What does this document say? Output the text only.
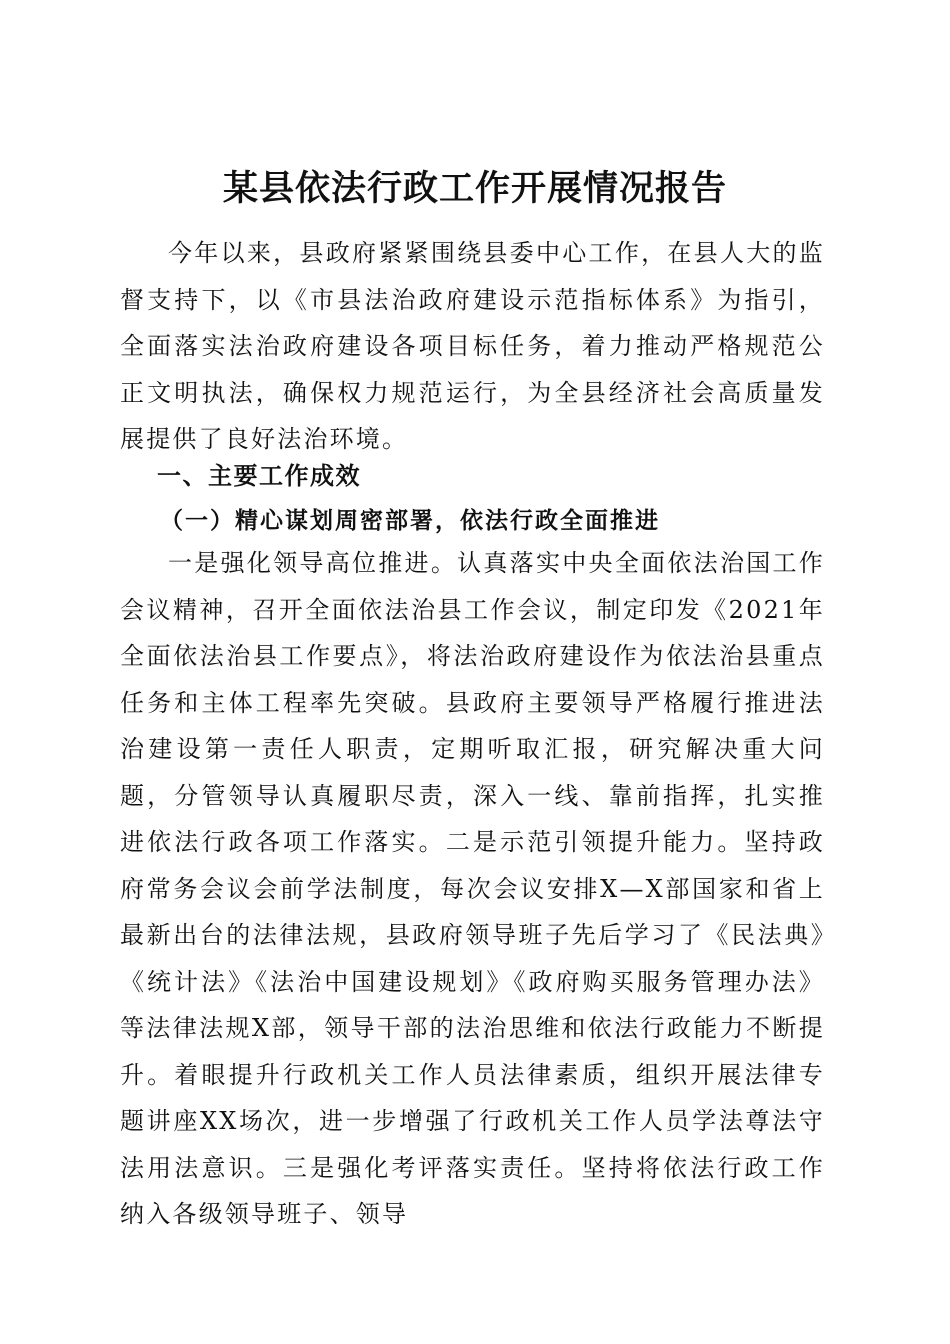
某县依法行政工作开展情况报告

今年以来，县政府紧紧围绕县委中心工作，在县人大的监督支持下，以《市县法治政府建设示范指标体系》为指引，全面落实法治政府建设各项目标任务，着力推动严格规范公正文明执法，确保权力规范运行，为全县经济社会高质量发展提供了良好法治环境。

一、主要工作成效
（一）精心谋划周密部署，依法行政全面推进

一是强化领导高位推进。认真落实中央全面依法治国工作会议精神，召开全面依法治县工作会议，制定印发《2021年全面依法治县工作要点》，将法治政府建设作为依法治县重点任务和主体工程率先突破。县政府主要领导严格履行推进法治建设第一责任人职责，定期听取汇报，研究解决重大问题，分管领导认真履职尽责，深入一线、靠前指挥，扎实推进依法行政各项工作落实。二是示范引领提升能力。坚持政府常务会议会前学法制度，每次会议安排X—X部国家和省上最新出台的法律法规，县政府领导班子先后学习了《民法典》《统计法》《法治中国建设规划》《政府购买服务管理办法》等法律法规X部，领导干部的法治思维和依法行政能力不断提升。着眼提升行政机关工作人员法律素质，组织开展法律专题讲座XX场次，进一步增强了行政机关工作人员学法尊法守法用法意识。三是强化考评落实责任。坚持将依法行政工作纳入各级领导班子、领导
